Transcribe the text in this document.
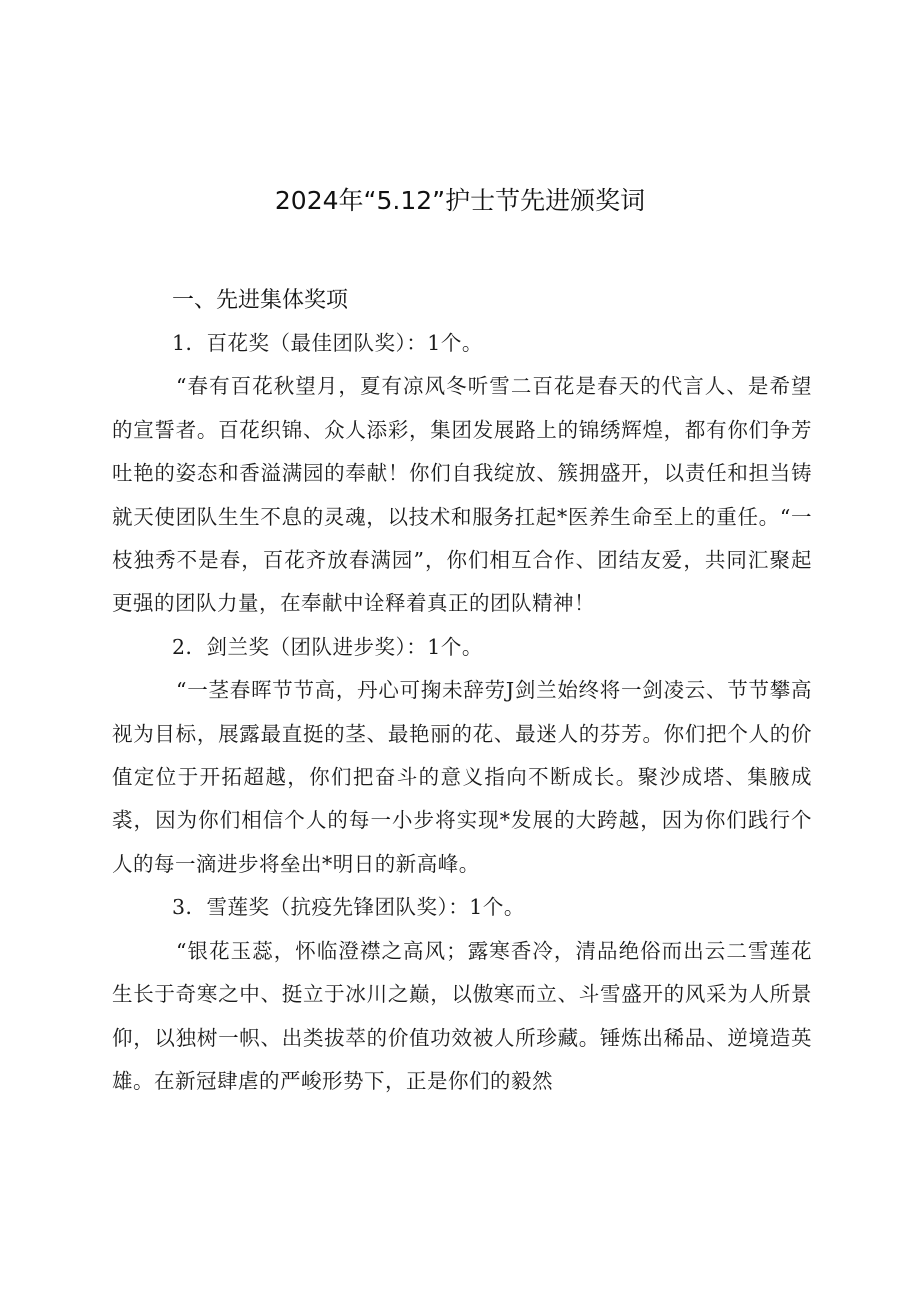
2024年“5.12”护士节先进颁奖词
一、先进集体奖项

1．百花奖（最佳团队奖）：1个。

“春有百花秋望月，夏有凉风冬听雪二百花是春天的代言人、是希望的宣誓者。百花织锦、众人添彩，集团发展路上的锦绣辉煌，都有你们争芳吐艳的姿态和香溢满园的奉献！你们自我绽放、簇拥盛开，以责任和担当铸就天使团队生生不息的灵魂，以技术和服务扛起*医养生命至上的重任。“一枝独秀不是春，百花齐放春满园”，你们相互合作、团结友爱，共同汇聚起更强的团队力量，在奉献中诠释着真正的团队精神！

2．剑兰奖（团队进步奖）：1个。

“一茎春晖节节高，丹心可掬未辞劳J剑兰始终将一剑凌云、节节攀高视为目标，展露最直挺的茎、最艳丽的花、最迷人的芬芳。你们把个人的价值定位于开拓超越，你们把奋斗的意义指向不断成长。聚沙成塔、集腋成裘，因为你们相信个人的每一小步将实现*发展的大跨越，因为你们践行个人的每一滴进步将垒出*明日的新高峰。

3．雪莲奖（抗疫先锋团队奖）：1个。

“银花玉蕊，怀临澄襟之高风；露寒香冷，清品绝俗而出云二雪莲花生长于奇寒之中、挺立于冰川之巅，以傲寒而立、斗雪盛开的风采为人所景仰，以独树一帜、出类拔萃的价值功效被人所珍藏。锤炼出稀品、逆境造英雄。在新冠肆虐的严峻形势下，正是你们的毅然
